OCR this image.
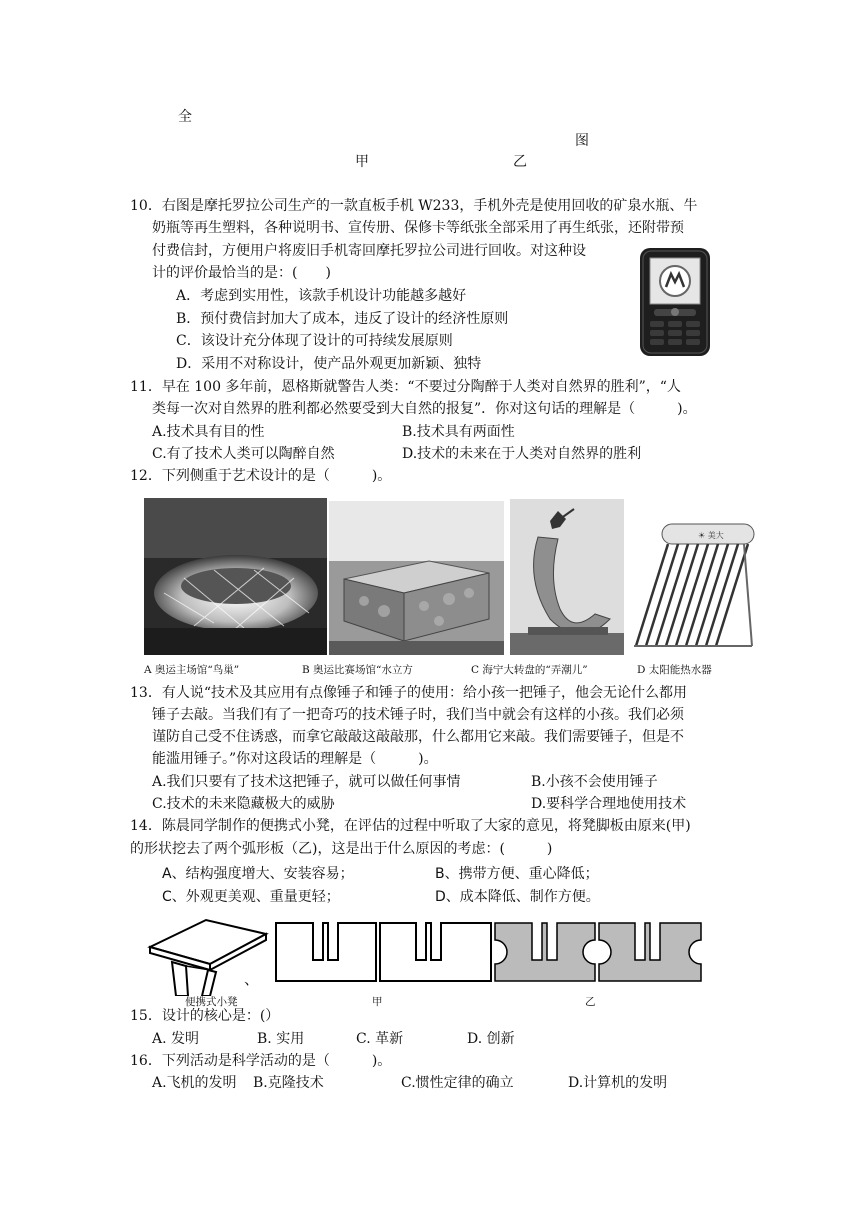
全
图
甲	乙
10．右图是摩托罗拉公司生产的一款直板手机 W233，手机外壳是使用回收的矿泉水瓶、牛
奶瓶等再生塑料，各种说明书、宣传册、保修卡等纸张全部采用了再生纸张，还附带预
付费信封，方便用户将废旧手机寄回摩托罗拉公司进行回收。对这种设
计的评价最恰当的是：(　　)
A．考虑到实用性，该款手机设计功能越多越好
B．预付费信封加大了成本，违反了设计的经济性原则
C．该设计充分体现了设计的可持续发展原则
D．采用不对称设计，使产品外观更加新颖、独特
11．早在 100 多年前，恩格斯就警告人类：“不要过分陶醉于人类对自然界的胜利”，“人
类每一次对自然界的胜利都必然要受到大自然的报复”．你对这句话的理解是（　　　)。
A.技术具有目的性	B.技术具有两面性
C.有了技术人类可以陶醉自然	D.技术的未来在于人类对自然界的胜利
12．下列侧重于艺术设计的是（　　　)。
☀ 美大
A 奥运主场馆“鸟巢”	B 奥运比赛场馆“水立方	C 海宁大转盘的“弄潮儿”	D 太阳能热水器
13．有人说“技术及其应用有点像锤子和锤子的使用：给小孩一把锤子，他会无论什么都用
锤子去敲。当我们有了一把奇巧的技术锤子时，我们当中就会有这样的小孩。我们必须
谨防自己受不住诱惑，而拿它敲敲这敲敲那，什么都用它来敲。我们需要锤子，但是不
能滥用锤子。”你对这段话的理解是（　　　)。
A.我们只要有了技术这把锤子，就可以做任何事情	B.小孩不会使用锤子
C.技术的未来隐藏极大的威胁	D.要科学合理地使用技术
14．陈晨同学制作的便携式小凳，在评估的过程中听取了大家的意见，将凳脚板由原来(甲)
的形状挖去了两个弧形板（乙)，这是出于什么原因的考虑：(　　　)
A、结构强度增大、安装容易；	B、携带方便、重心降低；
C、外观更美观、重量更轻；	D、成本降低、制作方便。
、
便携式小凳	甲	乙
15．设计的核心是：(）
A. 发明	B. 实用	C. 革新	D. 创新
16．下列活动是科学活动的是（　　　)。
A.飞机的发明 B.克隆技术	C.惯性定律的确立	D.计算机的发明
